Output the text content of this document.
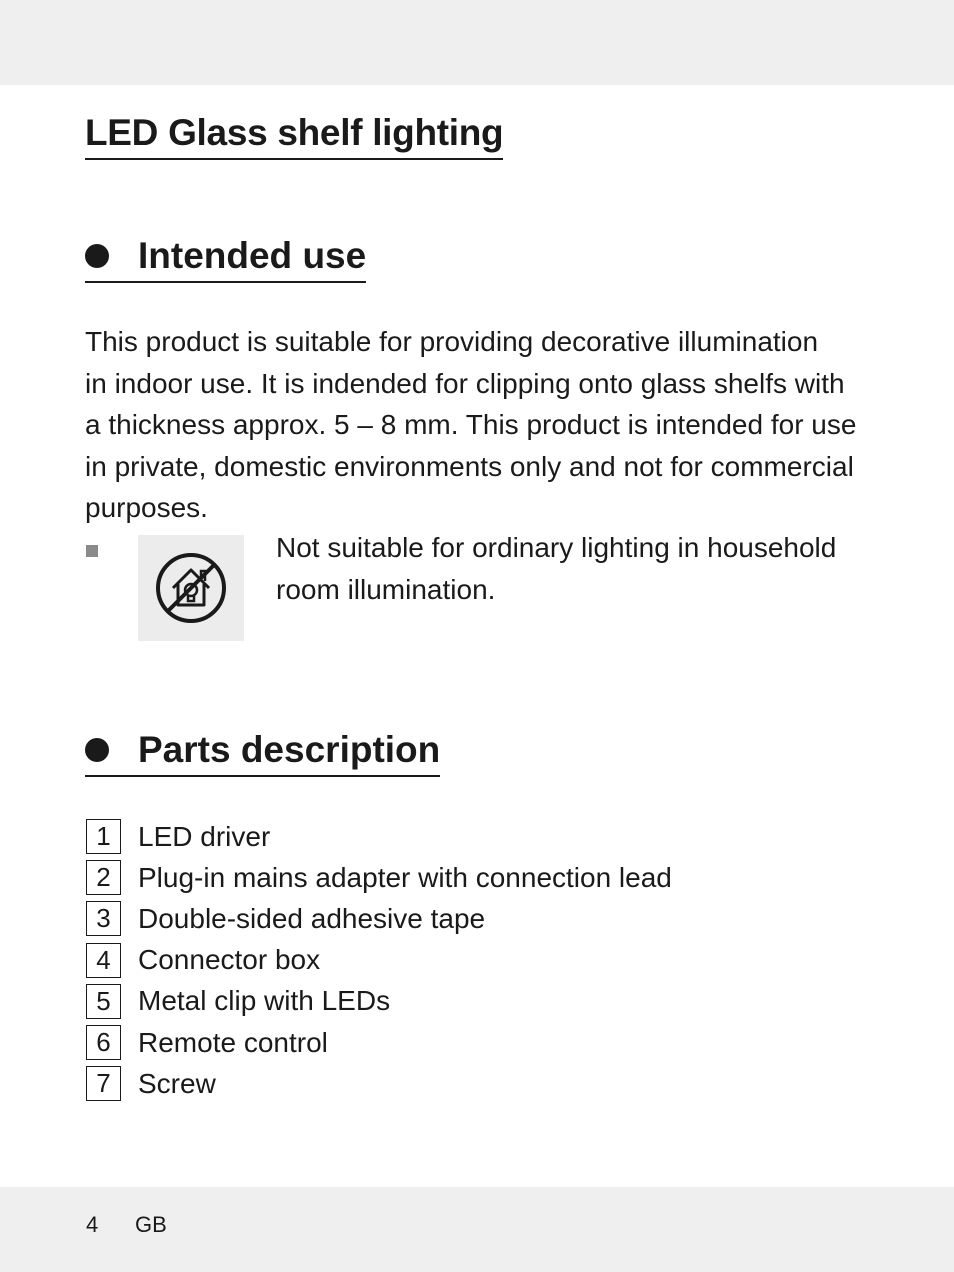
LED Glass shelf lighting
Intended use

This product is suitable for providing decorative illumination
in indoor use. It is indended for clipping onto glass shelfs with
a thickness approx. 5 – 8 mm. This product is intended for use
in private, domestic environments only and not for commercial
purposes.

Not suitable for ordinary lighting in household room illumination.

Parts description
1 LED driver
2 Plug-in mains adapter with connection lead
3 Double-sided adhesive tape
4 Connector box
5 Metal clip with LEDs
6 Remote control
7 Screw
4 GB
